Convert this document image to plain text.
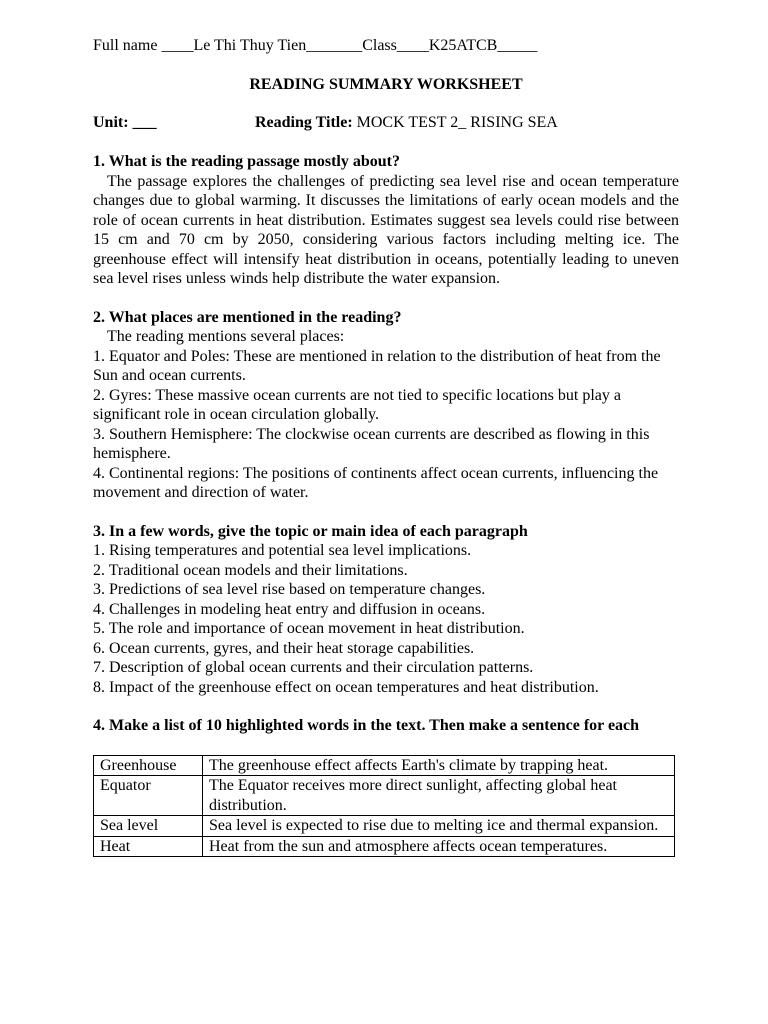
Full name ____Le Thi Thuy Tien_______Class____K25ATCB_____
READING SUMMARY WORKSHEET
Unit: ___	Reading Title: MOCK TEST 2_ RISING SEA
1. What is the reading passage mostly about?
The passage explores the challenges of predicting sea level rise and ocean temperature changes due to global warming. It discusses the limitations of early ocean models and the role of ocean currents in heat distribution. Estimates suggest sea levels could rise between 15 cm and 70 cm by 2050, considering various factors including melting ice. The greenhouse effect will intensify heat distribution in oceans, potentially leading to uneven sea level rises unless winds help distribute the water expansion.
2. What places are mentioned in the reading?
The reading mentions several places:
1. Equator and Poles: These are mentioned in relation to the distribution of heat from the Sun and ocean currents.
2. Gyres: These massive ocean currents are not tied to specific locations but play a significant role in ocean circulation globally.
3. Southern Hemisphere: The clockwise ocean currents are described as flowing in this hemisphere.
4. Continental regions: The positions of continents affect ocean currents, influencing the movement and direction of water.
3. In a few words, give the topic or main idea of each paragraph
1. Rising temperatures and potential sea level implications.
2. Traditional ocean models and their limitations.
3. Predictions of sea level rise based on temperature changes.
4. Challenges in modeling heat entry and diffusion in oceans.
5. The role and importance of ocean movement in heat distribution.
6. Ocean currents, gyres, and their heat storage capabilities.
7. Description of global ocean currents and their circulation patterns.
8. Impact of the greenhouse effect on ocean temperatures and heat distribution.
4. Make a list of 10 highlighted words in the text. Then make a sentence for each
Greenhouse	The greenhouse effect affects Earth's climate by trapping heat.
Equator	The Equator receives more direct sunlight, affecting global heat distribution.
Sea level	Sea level is expected to rise due to melting ice and thermal expansion.
Heat	Heat from the sun and atmosphere affects ocean temperatures.
